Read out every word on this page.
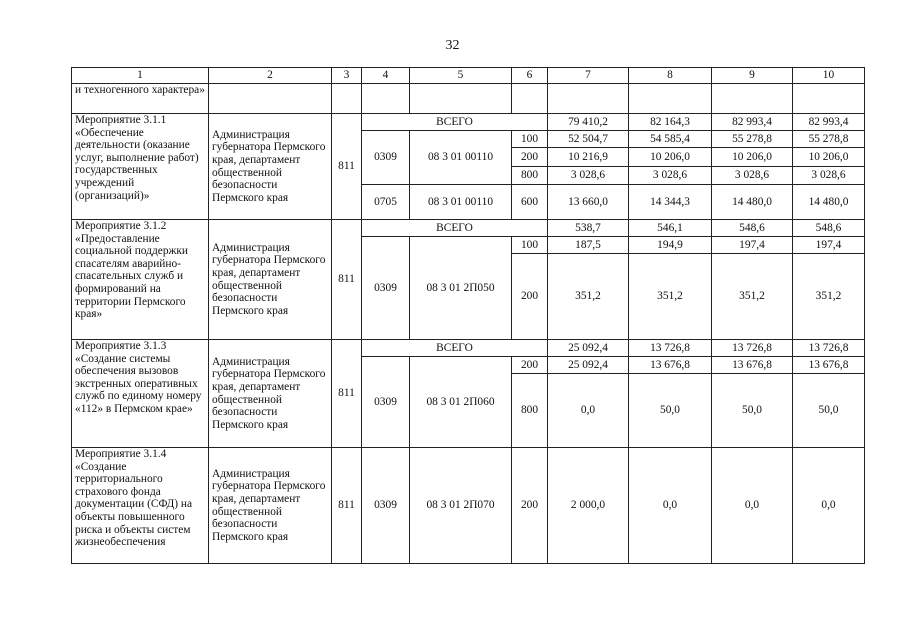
32
1	2	3	4	5	6	7	8	9	10
и техногенного характера»									
Мероприятие 3.1.1 «Обеспечение деятельности (оказание услуг, выполнение работ) государственных учреждений (организаций)»	Администрация губернатора Пермского края, департамент общественной безопасности Пермского края	811	ВСЕГО			79 410,2	82 164,3	82 993,4	82 993,4
			0309	08 3 01 00110	100	52 504,7	54 585,4	55 278,8	55 278,8
					200	10 216,9	10 206,0	10 206,0	10 206,0
					800	3 028,6	3 028,6	3 028,6	3 028,6
			0705	08 3 01 00110	600	13 660,0	14 344,3	14 480,0	14 480,0
Мероприятие 3.1.2 «Предоставление социальной поддержки спасателям аварийно-спасательных служб и формирований на территории Пермского края»	Администрация губернатора Пермского края, департамент общественной безопасности Пермского края	811	ВСЕГО			538,7	546,1	548,6	548,6
			0309	08 3 01 2П050	100	187,5	194,9	197,4	197,4
					200	351,2	351,2	351,2	351,2
Мероприятие 3.1.3 «Создание системы обеспечения вызовов экстренных оперативных служб по единому номеру «112» в Пермском крае»	Администрация губернатора Пермского края, департамент общественной безопасности Пермского края	811	ВСЕГО			25 092,4	13 726,8	13 726,8	13 726,8
			0309	08 3 01 2П060	200	25 092,4	13 676,8	13 676,8	13 676,8
					800	0,0	50,0	50,0	50,0
Мероприятие 3.1.4 «Создание территориального страхового фонда документации (СФД) на объекты повышенного риска и объекты систем жизнеобеспечения	Администрация губернатора Пермского края, департамент общественной безопасности Пермского края	811	0309	08 3 01 2П070	200	2 000,0	0,0	0,0	0,0
